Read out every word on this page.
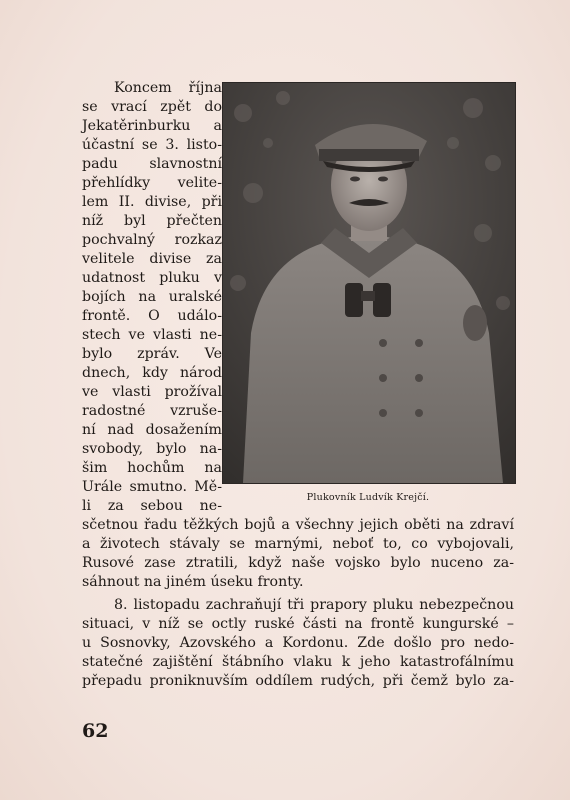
Koncem října
se vrací zpět do
Jekatěrinburku a
účastní se 3. listo-
padu slavnostní
přehlídky velite-
lem II. divise, při
níž byl přečten
pochvalný rozkaz
velitele divise za
udatnost pluku v
bojích na uralské
frontě. O událo-
stech ve vlasti ne-
bylo zpráv. Ve
dnech, kdy národ
ve vlasti prožíval
radostné vzruše-
ní nad dosažením
svobody, bylo na-
šim hochům na
Urále smutno. Mě-
li za sebou ne-
Plukovník Ludvík Krejčí.
sčetnou řadu těžkých bojů a všechny jejich oběti na zdraví
a životech stávaly se marnými, neboť to, co vybojovali,
Rusové zase ztratili, když naše vojsko bylo nuceno za-
sáhnout na jiném úseku fronty.
8. listopadu zachraňují tři prapory pluku nebezpečnou
situaci, v níž se octly ruské části na frontě kungurské –
u Sosnovky, Azovského a Kordonu. Zde došlo pro nedo-
statečné zajištění štábního vlaku k jeho katastrofálnímu
přepadu proniknuvším oddílem rudých, při čemž bylo za-
62
